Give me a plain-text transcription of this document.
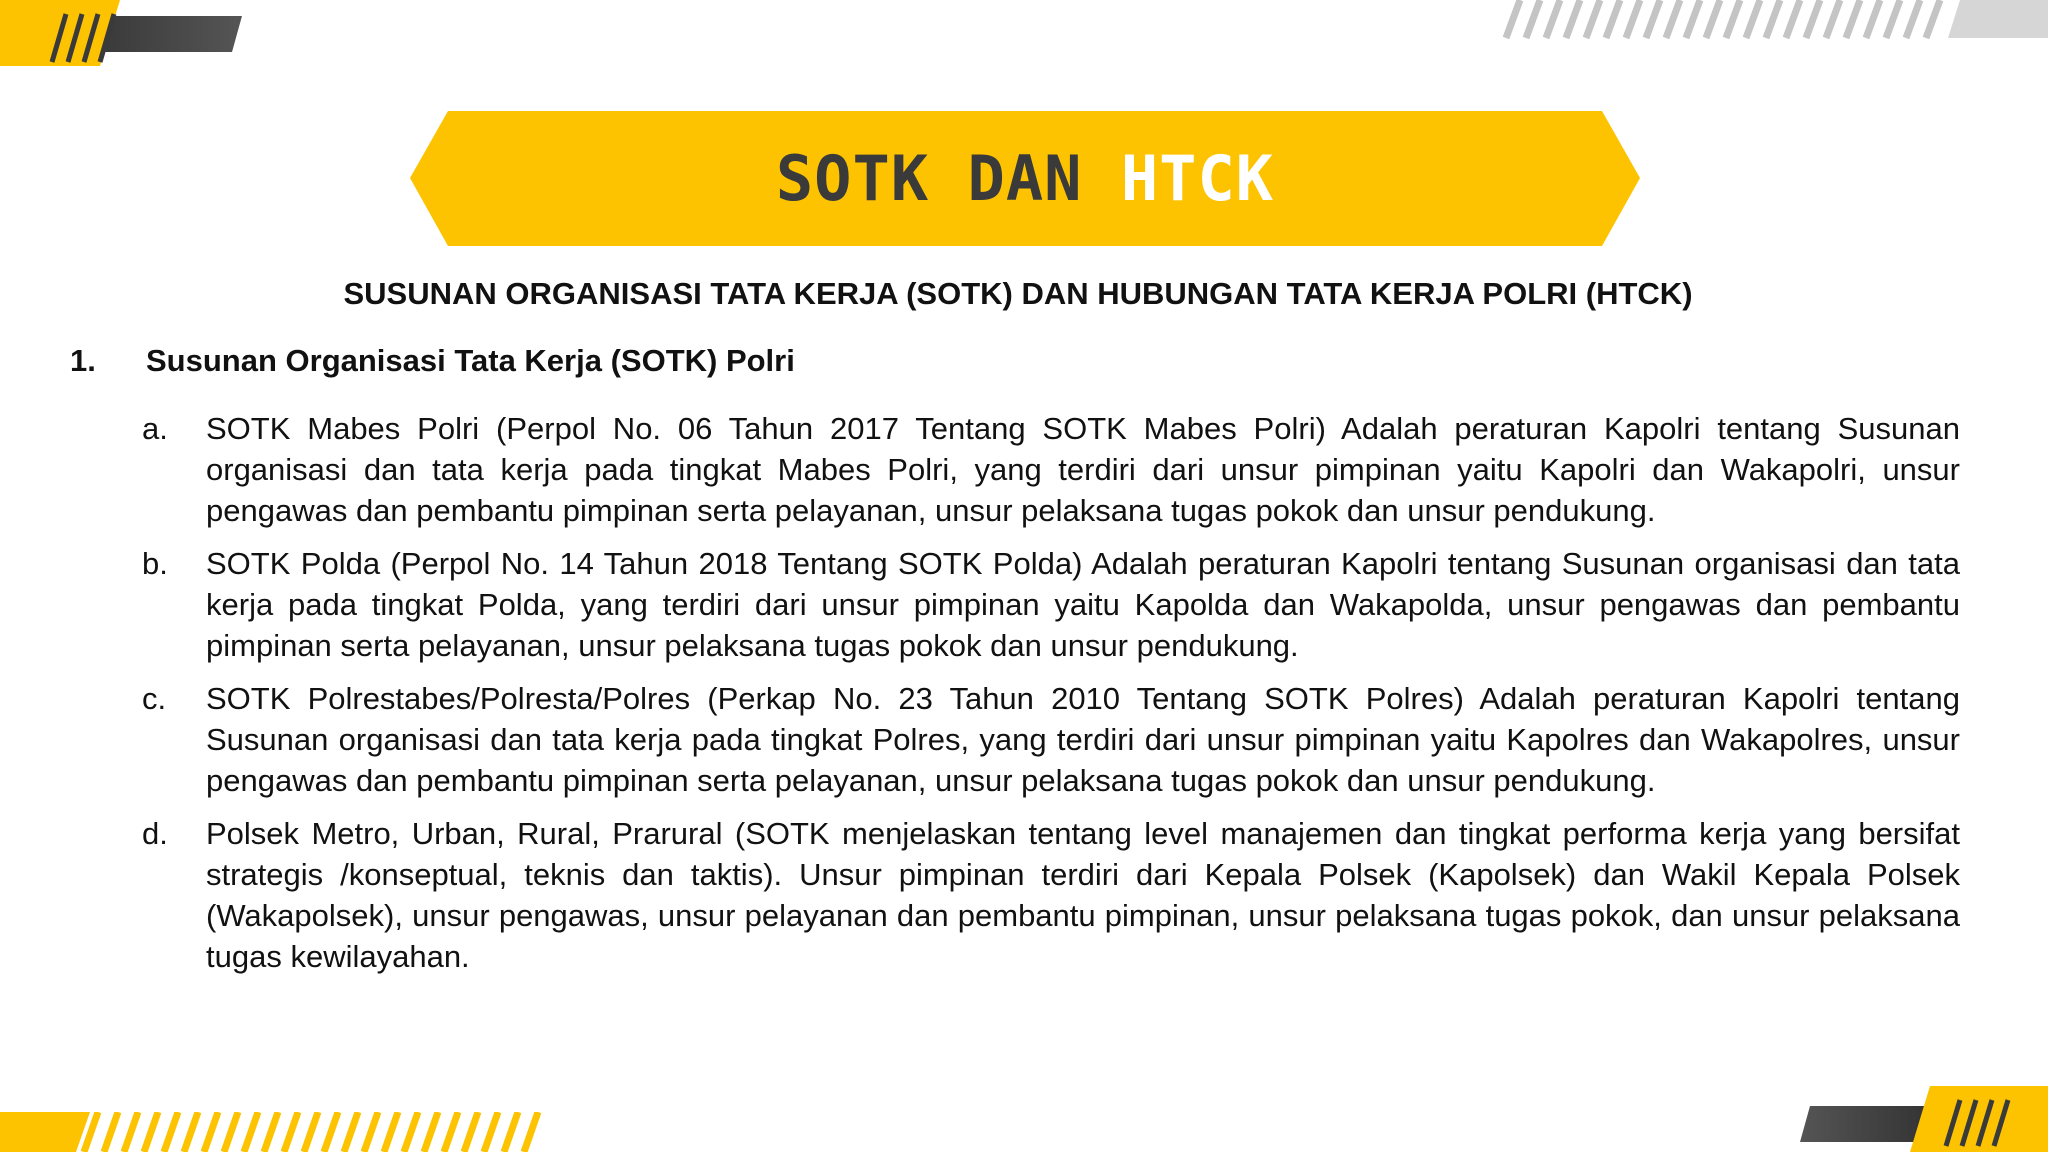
SOTK DAN
HTCK
SUSUNAN ORGANISASI TATA KERJA (SOTK) DAN HUBUNGAN TATA KERJA POLRI (HTCK)
1. Susunan Organisasi Tata Kerja (SOTK) Polri
a.	SOTK Mabes Polri (Perpol No. 06 Tahun 2017 Tentang SOTK Mabes Polri) Adalah peraturan Kapolri tentang Susunan organisasi dan tata kerja pada tingkat Mabes Polri, yang terdiri dari unsur pimpinan yaitu Kapolri dan Wakapolri, unsur pengawas dan pembantu pimpinan serta pelayanan, unsur pelaksana tugas pokok dan unsur pendukung.
b.	SOTK Polda (Perpol No. 14 Tahun 2018 Tentang SOTK Polda) Adalah peraturan Kapolri tentang Susunan organisasi dan tata kerja pada tingkat Polda, yang terdiri dari unsur pimpinan yaitu Kapolda dan Wakapolda, unsur pengawas dan pembantu pimpinan serta pelayanan, unsur pelaksana tugas pokok dan unsur pendukung.
c.	SOTK Polrestabes/Polresta/Polres (Perkap No. 23 Tahun 2010 Tentang SOTK Polres) Adalah peraturan Kapolri tentang Susunan organisasi dan tata kerja pada tingkat Polres, yang terdiri dari unsur pimpinan yaitu Kapolres dan Wakapolres, unsur pengawas dan pembantu pimpinan serta pelayanan, unsur pelaksana tugas pokok dan unsur pendukung.
d.	Polsek Metro, Urban, Rural, Prarural (SOTK menjelaskan tentang level manajemen dan tingkat performa kerja yang bersifat strategis /konseptual, teknis dan taktis). Unsur pimpinan terdiri dari Kepala Polsek (Kapolsek) dan Wakil Kepala Polsek (Wakapolsek), unsur pengawas, unsur pelayanan dan pembantu pimpinan, unsur pelaksana tugas pokok, dan unsur pelaksana tugas kewilayahan.
